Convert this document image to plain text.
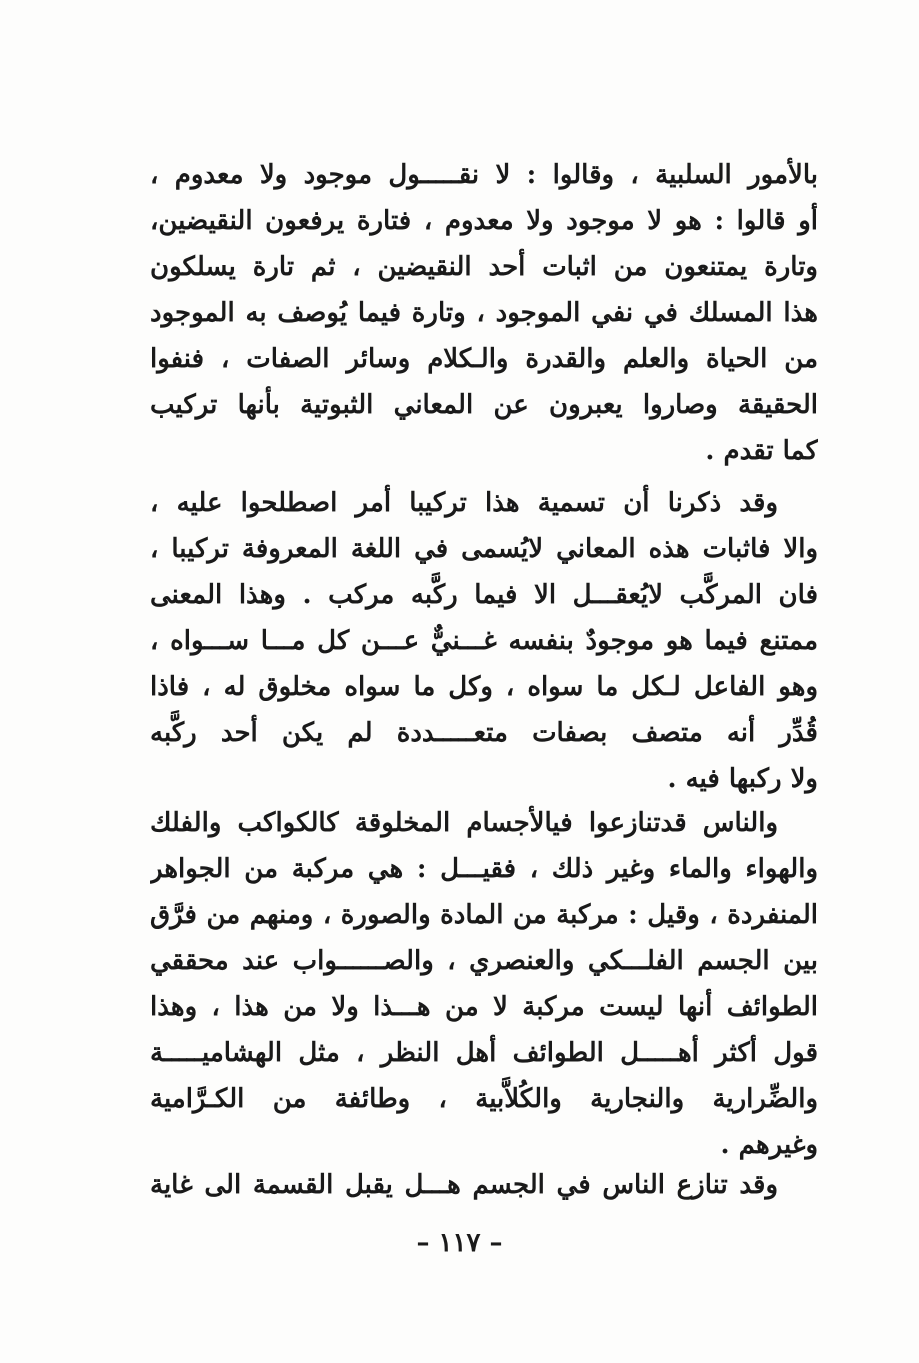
بالأمور السلبية ، وقالوا : لا نقـــــول موجود ولا معدوم ،
أو قالوا : هو لا موجود ولا معدوم ، فتارة يرفعون النقيضين،
وتارة يمتنعون من اثبات أحد النقيضين ، ثم تارة يسلكون
هذا المسلك في نفي الموجود ، وتارة فيما يُوصف به الموجود
من الحياة والعلم والقدرة والـكلام وسائر الصفات ، فنفوا
الحقيقة وصاروا يعبرون عن المعاني الثبوتية بأنها تركيب
كما تقدم .
وقد ذكرنا أن تسمية هذا تركيبا أمر اصطلحوا عليه ،
والا فاثبات هذه المعاني لايُسمى في اللغة المعروفة تركيبا ،
فان المركَّب لايُعقـــل الا فيما ركَّبه مركب . وهذا المعنى
ممتنع فيما هو موجودٌ بنفسه غـــنيٌّ عـــن كل مـــا ســـواه ،
وهو الفاعل لـكل ما سواه ، وكل ما سواه مخلوق له ، فاذا
قُدِّر أنه متصف بصفات متعـــــددة لم يكن أحد ركَّبه
ولا ركبها فيه .
والناس قدتنازعوا فيالأجسام المخلوقة كالكواكب والفلك
والهواء والماء وغير ذلك ، فقيـــل : هي مركبة من الجواهر
المنفردة ، وقيل : مركبة من المادة والصورة ، ومنهم من فرَّق
بين الجسم الفلـــكي والعنصري ، والصــــــواب عند محققي
الطوائف أنها ليست مركبة لا من هـــذا ولا من هذا ، وهذا
قول أكثر أهـــــل الطوائف أهل النظر ، مثل الهشاميـــــة
والضِّرارية والنجارية والكُلاَّبية ، وطائفة من الكـرَّامية
وغيرهم .
وقد تنازع الناس في الجسم هـــل يقبل القسمة الى غاية
– ١١٧ –
